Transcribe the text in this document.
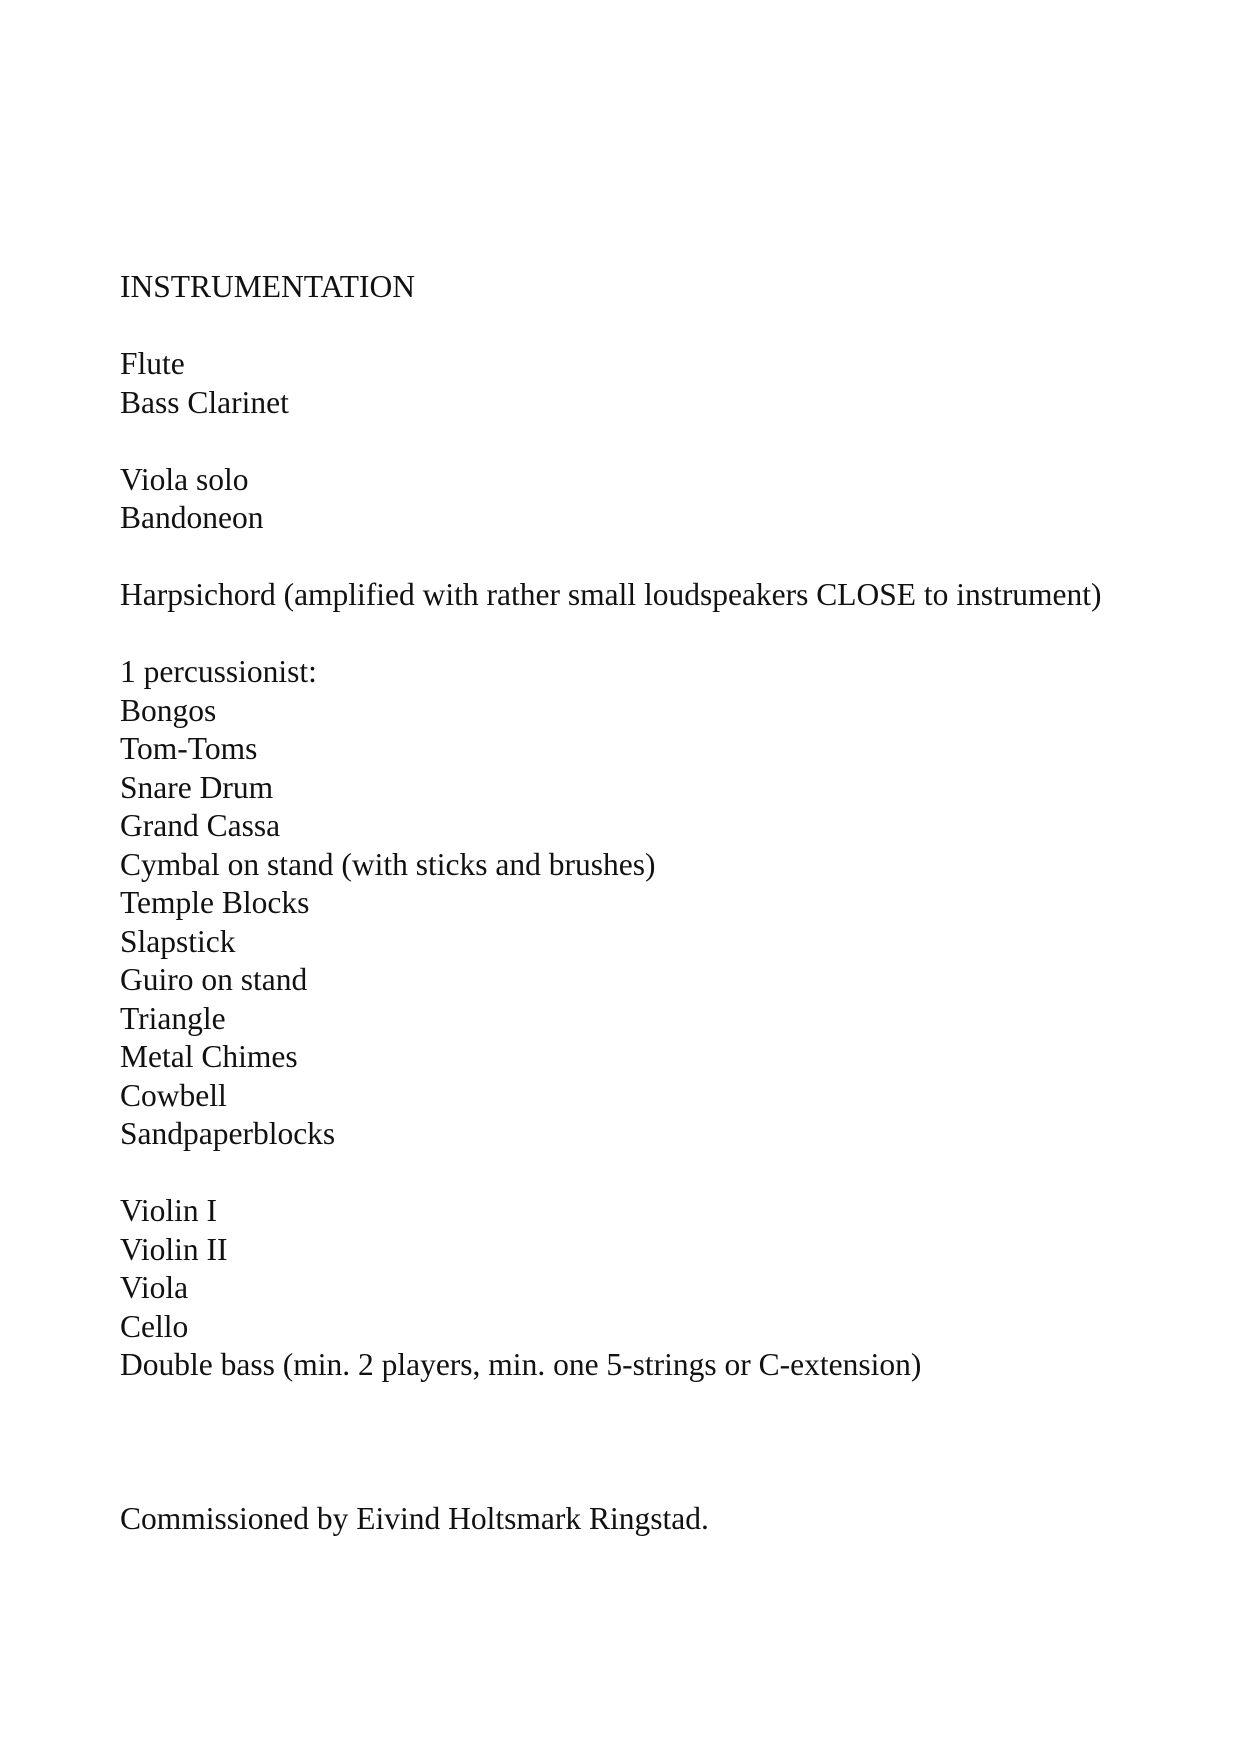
INSTRUMENTATION
Flute
Bass Clarinet
Viola solo
Bandoneon
Harpsichord (amplified with rather small loudspeakers CLOSE to instrument)
1 percussionist:
Bongos
Tom-Toms
Snare Drum
Grand Cassa
Cymbal on stand (with sticks and brushes)
Temple Blocks
Slapstick
Guiro on stand
Triangle
Metal Chimes
Cowbell
Sandpaperblocks
Violin I
Violin II
Viola
Cello
Double bass (min. 2 players, min. one 5-strings or C-extension)
Commissioned by Eivind Holtsmark Ringstad.
